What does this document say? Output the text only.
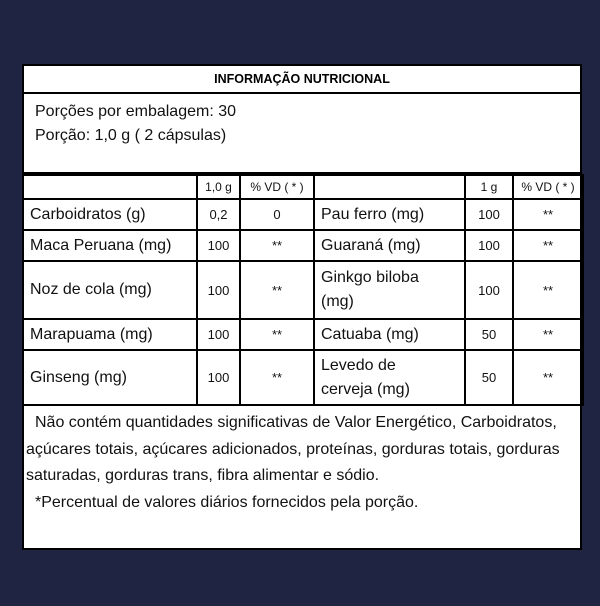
INFORMAÇÃO NUTRICIONAL
Porções por embalagem: 30
Porção: 1,0 g ( 2 cápsulas)
	1,0 g	% VD ( * )		1 g	% VD ( * )
Carboidratos (g)	0,2	0	Pau ferro (mg)	100	**
Maca Peruana (mg)	100	**	Guaraná (mg)	100	**
Noz de cola (mg)	100	**	Ginkgo biloba (mg)	100	**
Marapuama (mg)	100	**	Catuaba (mg)	50	**
Ginseng (mg)	100	**	Levedo de cerveja (mg)	50	**

Não contém quantidades significativas de Valor Energético, Carboidratos, açúcares totais, açúcares adicionados, proteínas, gorduras totais, gorduras saturadas, gorduras trans, fibra alimentar e sódio.

*Percentual de valores diários fornecidos pela porção.
